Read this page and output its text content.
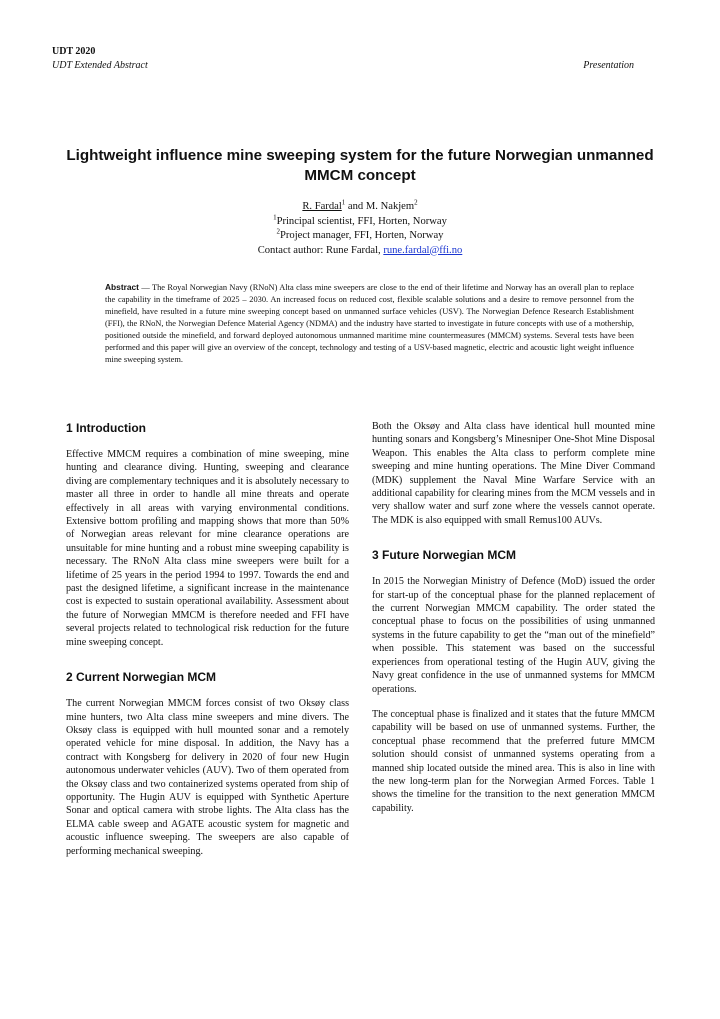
UDT 2020
UDT Extended Abstract	Presentation
Lightweight influence mine sweeping system for the future Norwegian unmanned MMCM concept
R. Fardal$^1$ and M. Nakjem$^2$
$^1$Principal scientist, FFI, Horten, Norway
$^2$Project manager, FFI, Horten, Norway
Contact author: Rune Fardal, rune.fardal@ffi.no
Abstract — The Royal Norwegian Navy (RNoN) Alta class mine sweepers are close to the end of their lifetime and Norway has an overall plan to replace the capability in the timeframe of 2025 – 2030. An increased focus on reduced cost, flexible scalable solutions and a desire to remove personnel from the minefield, have resulted in a future mine sweeping concept based on unmanned surface vehicles (USV). The Norwegian Defence Research Establishment (FFI), the RNoN, the Norwegian Defence Material Agency (NDMA) and the industry have started to investigate in future concepts with use of a mothership, positioned outside the minefield, and forward deployed autonomous unmanned maritime mine countermeasures (MMCM) systems. Several tests have been performed and this paper will give an overview of the concept, technology and testing of a USV-based magnetic, electric and acoustic light weight influence mine sweeping system.
1 Introduction

Effective MMCM requires a combination of mine sweeping, mine hunting and clearance diving. Hunting, sweeping and clearance diving are complementary techniques and it is absolutely necessary to master all three in order to handle all mine threats and operate effectively in all areas with varying environmental conditions. Extensive bottom profiling and mapping shows that more than 50% of Norwegian areas relevant for mine clearance operations are unsuitable for mine hunting and a robust mine sweeping capability is necessary. The RNoN Alta class mine sweepers were built for a lifetime of 25 years in the period 1994 to 1997. Towards the end and past the designed lifetime, a significant increase in the maintenance cost is expected to sustain operational availability. Assessment about the future of Norwegian MMCM is therefore needed and FFI have several projects related to technological risk reduction for the future mine sweeping concept.

2 Current Norwegian MCM

The current Norwegian MMCM forces consist of two Oksøy class mine hunters, two Alta class mine sweepers and mine divers. The Oksøy class is equipped with hull mounted sonar and a remotely operated vehicle for mine disposal. In addition, the Navy has a contract with Kongsberg for delivery in 2020 of four new Hugin autonomous underwater vehicles (AUV). Two of them operated from the Oksøy class and two containerized systems operated from ship of opportunity. The Hugin AUV is equipped with Synthetic Aperture Sonar and optical camera with strobe lights. The Alta class has the ELMA cable sweep and AGATE acoustic system for magnetic and acoustic influence sweeping. The sweepers are also capable of performing mechanical sweeping.

Both the Oksøy and Alta class have identical hull mounted mine hunting sonars and Kongsberg’s Minesniper One-Shot Mine Disposal Weapon. This enables the Alta class to perform complete mine sweeping and mine hunting operations. The Mine Diver Command (MDK) supplement the Naval Mine Warfare Service with an additional capability for clearing mines from the MCM vessels and in very shallow water and surf zone where the vessels cannot operate. The MDK is also equipped with small Remus100 AUVs.

3 Future Norwegian MCM

In 2015 the Norwegian Ministry of Defence (MoD) issued the order for start-up of the conceptual phase for the planned replacement of the current Norwegian MMCM capability. The order stated the conceptual phase to focus on the possibilities of using unmanned systems in the future capability to get the “man out of the minefield” when possible. This statement was based on the successful experiences from operational testing of the Hugin AUV, giving the Navy great confidence in the use of unmanned systems for MMCM operations.

The conceptual phase is finalized and it states that the future MMCM capability will be based on use of unmanned systems. Further, the conceptual phase recommend that the preferred future MMCM solution should consist of unmanned systems operating from a manned ship located outside the mined area. This is also in line with the new long-term plan for the Norwegian Armed Forces. Table 1 shows the timeline for the transition to the next generation MMCM capability.
